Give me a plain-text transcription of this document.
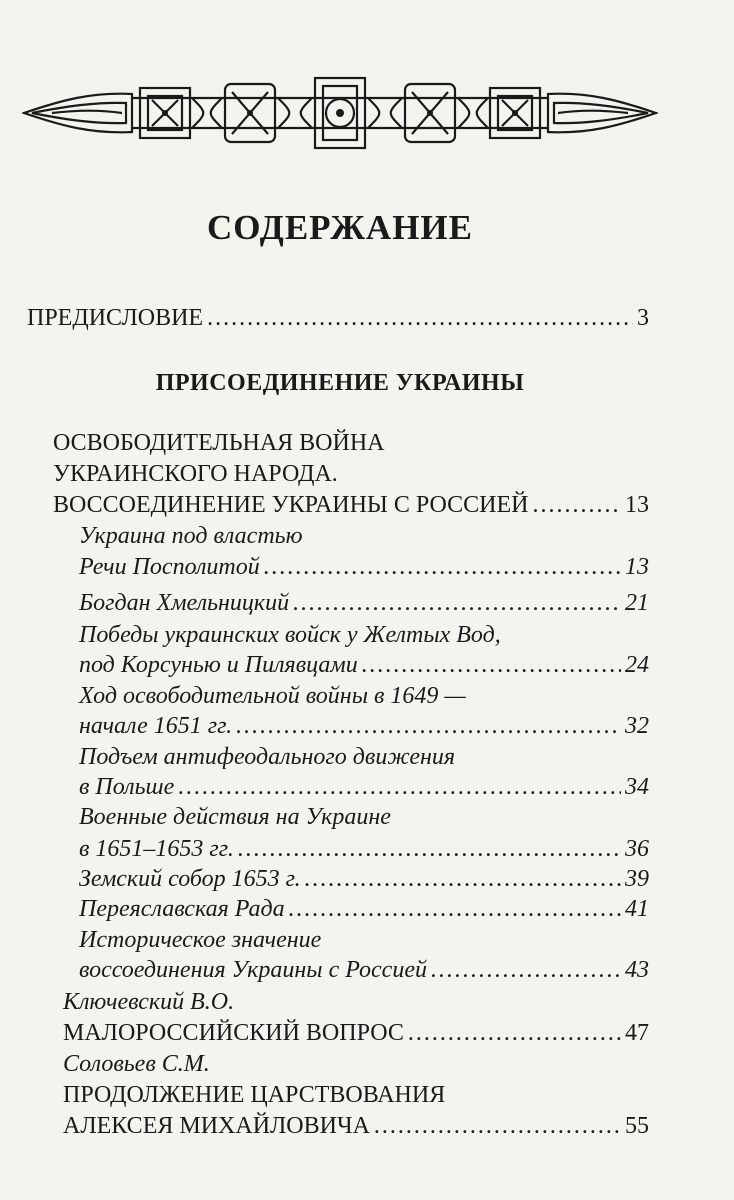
СОДЕРЖАНИЕ
ПРЕДИСЛОВИЕ .....	3
ПРИСОЕДИНЕНИЕ УКРАИНЫ
ОСВОБОДИТЕЛЬНАЯ ВОЙНА
УКРАИНСКОГО НАРОДА.
ВОССОЕДИНЕНИЕ УКРАИНЫ С РОССИЕЙ .....	13
Украина под властью
Речи Посполитой .....	13
Богдан Хмельницкий .....	21
Победы украинских войск у Желтых Вод,
под Корсунью и Пилявцами .....	24
Ход освободительной войны в 1649 —
начале 1651 гг. .....	32
Подъем антифеодального движения
в Польше .....	34
Военные действия на Украине
в 1651–1653 гг. .....	36
Земский собор 1653 г. .....	39
Переяславская Рада .....	41
Историческое значение
воссоединения Украины с Россией .....	43
Ключевский В.О.
МАЛОРОССИЙСКИЙ ВОПРОС .....	47
Соловьев С.М.
ПРОДОЛЖЕНИЕ ЦАРСТВОВАНИЯ
АЛЕКСЕЯ МИХАЙЛОВИЧА .....	55
